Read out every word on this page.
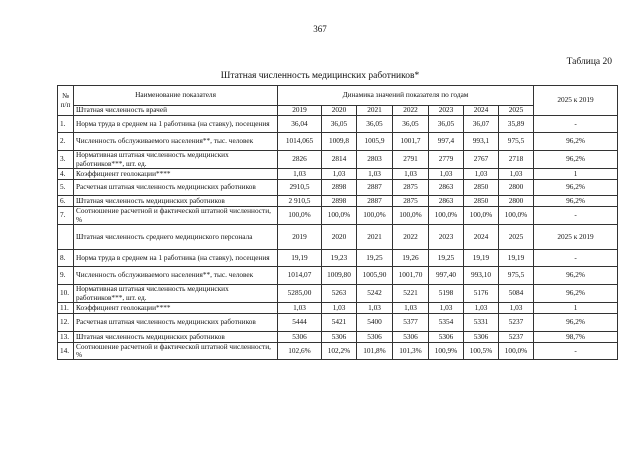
367
Таблица 20
Штатная численность медицинских работников*
№ п/п	Наименование показателя	Динамика значений показателя по годам							2025 к 2019
	Штатная численность врачей	2019	2020	2021	2022	2023	2024	2025	
1.	Норма труда в среднем на 1 работника (на ставку), посещения	36,04	36,05	36,05	36,05	36,05	36,07	35,89	-
2.	Численность обслуживаемого населения**, тыс. человек	1014,065	1009,8	1005,9	1001,7	997,4	993,1	975,5	96,2%
3.	Нормативная штатная численность медицинских работников***, шт. ед.	2826	2814	2803	2791	2779	2767	2718	96,2%
4.	Коэффициент геолокации****	1,03	1,03	1,03	1,03	1,03	1,03	1,03	1
5.	Расчетная штатная численность медицинских работников	2910,5	2898	2887	2875	2863	2850	2800	96,2%
6.	Штатная численность медицинских работников	2 910,5	2898	2887	2875	2863	2850	2800	96,2%
7.	Соотношение расчетной и фактической штатной численности, %	100,0%	100,0%	100,0%	100,0%	100,0%	100,0%	100,0%	-
	Штатная численность среднего медицинского персонала	2019	2020	2021	2022	2023	2024	2025	2025 к 2019
8.	Норма труда в среднем на 1 работника (на ставку), посещения	19,19	19,23	19,25	19,26	19,25	19,19	19,19	-
9.	Численность обслуживаемого населения**, тыс. человек	1014,07	1009,80	1005,90	1001,70	997,40	993,10	975,5	96,2%
10.	Нормативная штатная численность медицинских работников***, шт. ед.	5285,00	5263	5242	5221	5198	5176	5084	96,2%
11.	Коэффициент геолокации****	1,03	1,03	1,03	1,03	1,03	1,03	1,03	1
12.	Расчетная штатная численность медицинских работников	5444	5421	5400	5377	5354	5331	5237	96,2%
13.	Штатная численность медицинских работников	5306	5306	5306	5306	5306	5306	5237	98,7%
14.	Соотношение расчетной и фактической штатной численности, %	102,6%	102,2%	101,8%	101,3%	100,9%	100,5%	100,0%	-
